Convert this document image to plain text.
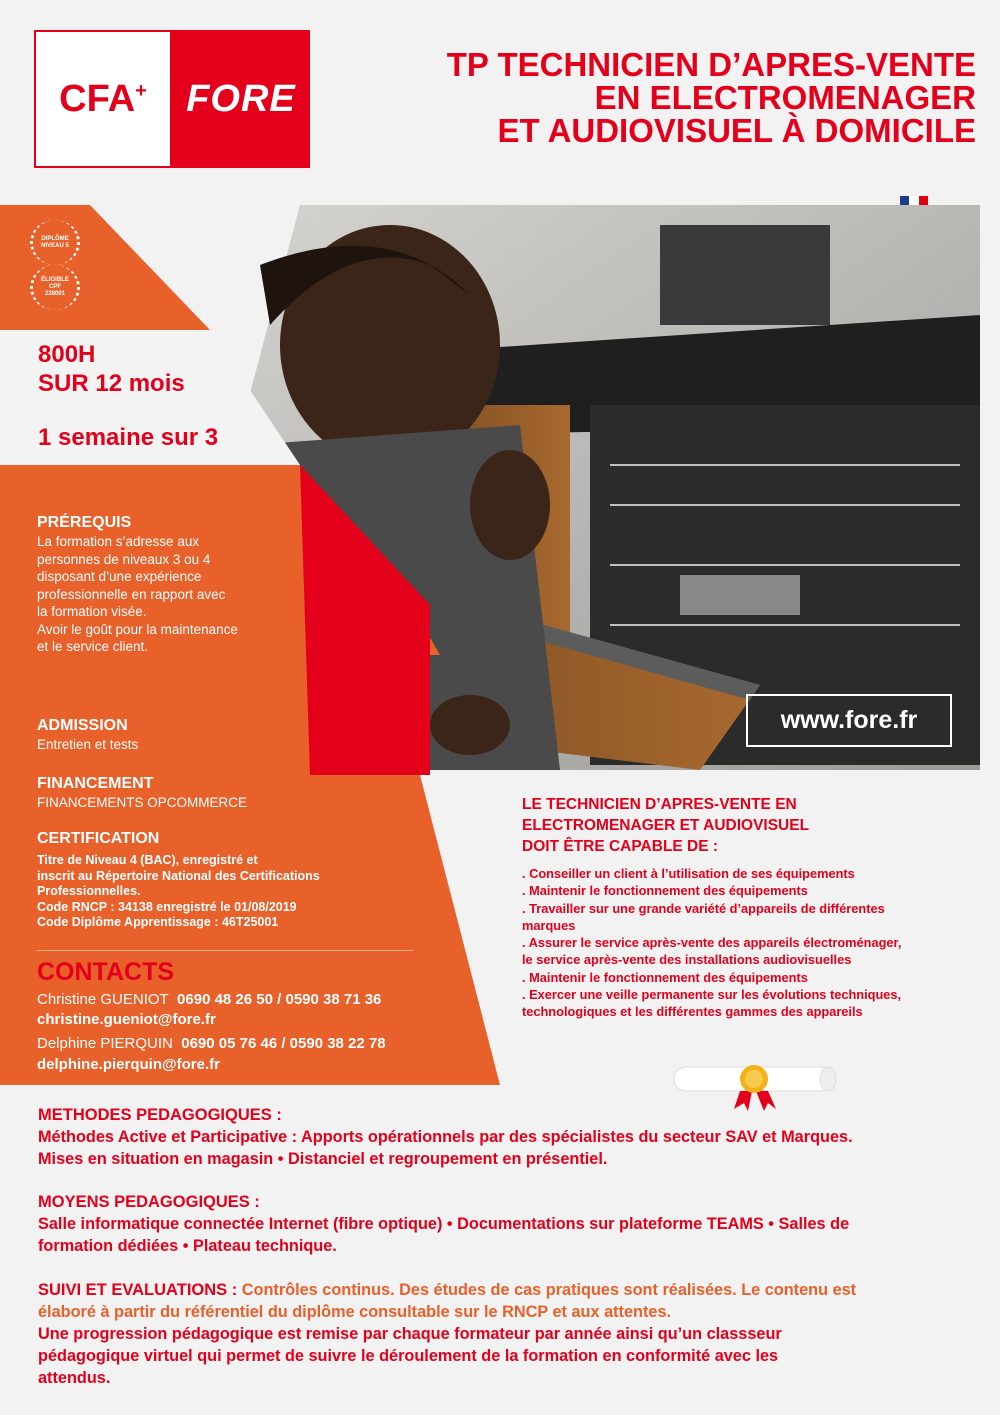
CFA+	FORE
TP TECHNICIEN D’APRES-VENTE
EN ELECTROMENAGER
ET AUDIOVISUEL À DOMICILE
www.fore.fr
DIPLÔME
NIVEAU 5
ÉLIGIBLE
CPF
228001
800H
SUR 12 mois
1 semaine sur 3
PRÉREQUIS

La formation s’adresse aux

personnes de niveaux 3 ou 4

disposant d’une expérience

professionnelle en rapport avec

la formation visée.

Avoir le goût pour la maintenance

et le service client.

ADMISSION

Entretien et tests

FINANCEMENT

FINANCEMENTS OPCOMMERCE

CERTIFICATION

Titre de Niveau 4 (BAC), enregistré et

inscrit au Répertoire National des Certifications

Professionnelles.

Code RNCP : 34138 enregistré le 01/08/2019

Code Diplôme Apprentissage : 46T25001

CONTACTS
Christine GUENIOT 0690 48 26 50 / 0590 38 71 36
christine.gueniot@fore.fr
Delphine PIERQUIN 0690 05 76 46 / 0590 38 22 78
delphine.pierquin@fore.fr
LE TECHNICIEN D’APRES-VENTE EN
ELECTROMENAGER ET AUDIOVISUEL
DOIT ÊTRE CAPABLE DE :
. Conseiller un client à l’utilisation de ses équipements
. Maintenir le fonctionnement des équipements
. Travailler sur une grande variété d’appareils de différentes
marques
. Assurer le service après-vente des appareils électroménager,
le service après-vente des installations audiovisuelles
. Maintenir le fonctionnement des équipements
. Exercer une veille permanente sur les évolutions techniques,
technologiques et les différentes gammes des appareils
METHODES PEDAGOGIQUES :
Méthodes Active et Participative : Apports opérationnels par des spécialistes du secteur SAV et Marques.
Mises en situation en magasin • Distanciel et regroupement en présentiel.
MOYENS PEDAGOGIQUES :
Salle informatique connectée Internet (fibre optique) • Documentations sur plateforme TEAMS • Salles de
formation dédiées • Plateau technique.
SUIVI ET EVALUATIONS : Contrôles continus. Des études de cas pratiques sont réalisées. Le contenu est
élaboré à partir du référentiel du diplôme consultable sur le RNCP et aux attentes.
Une progression pédagogique est remise par chaque formateur par année ainsi qu’un classseur
pédagogique virtuel qui permet de suivre le déroulement de la formation en conformité avec les
attendus.
